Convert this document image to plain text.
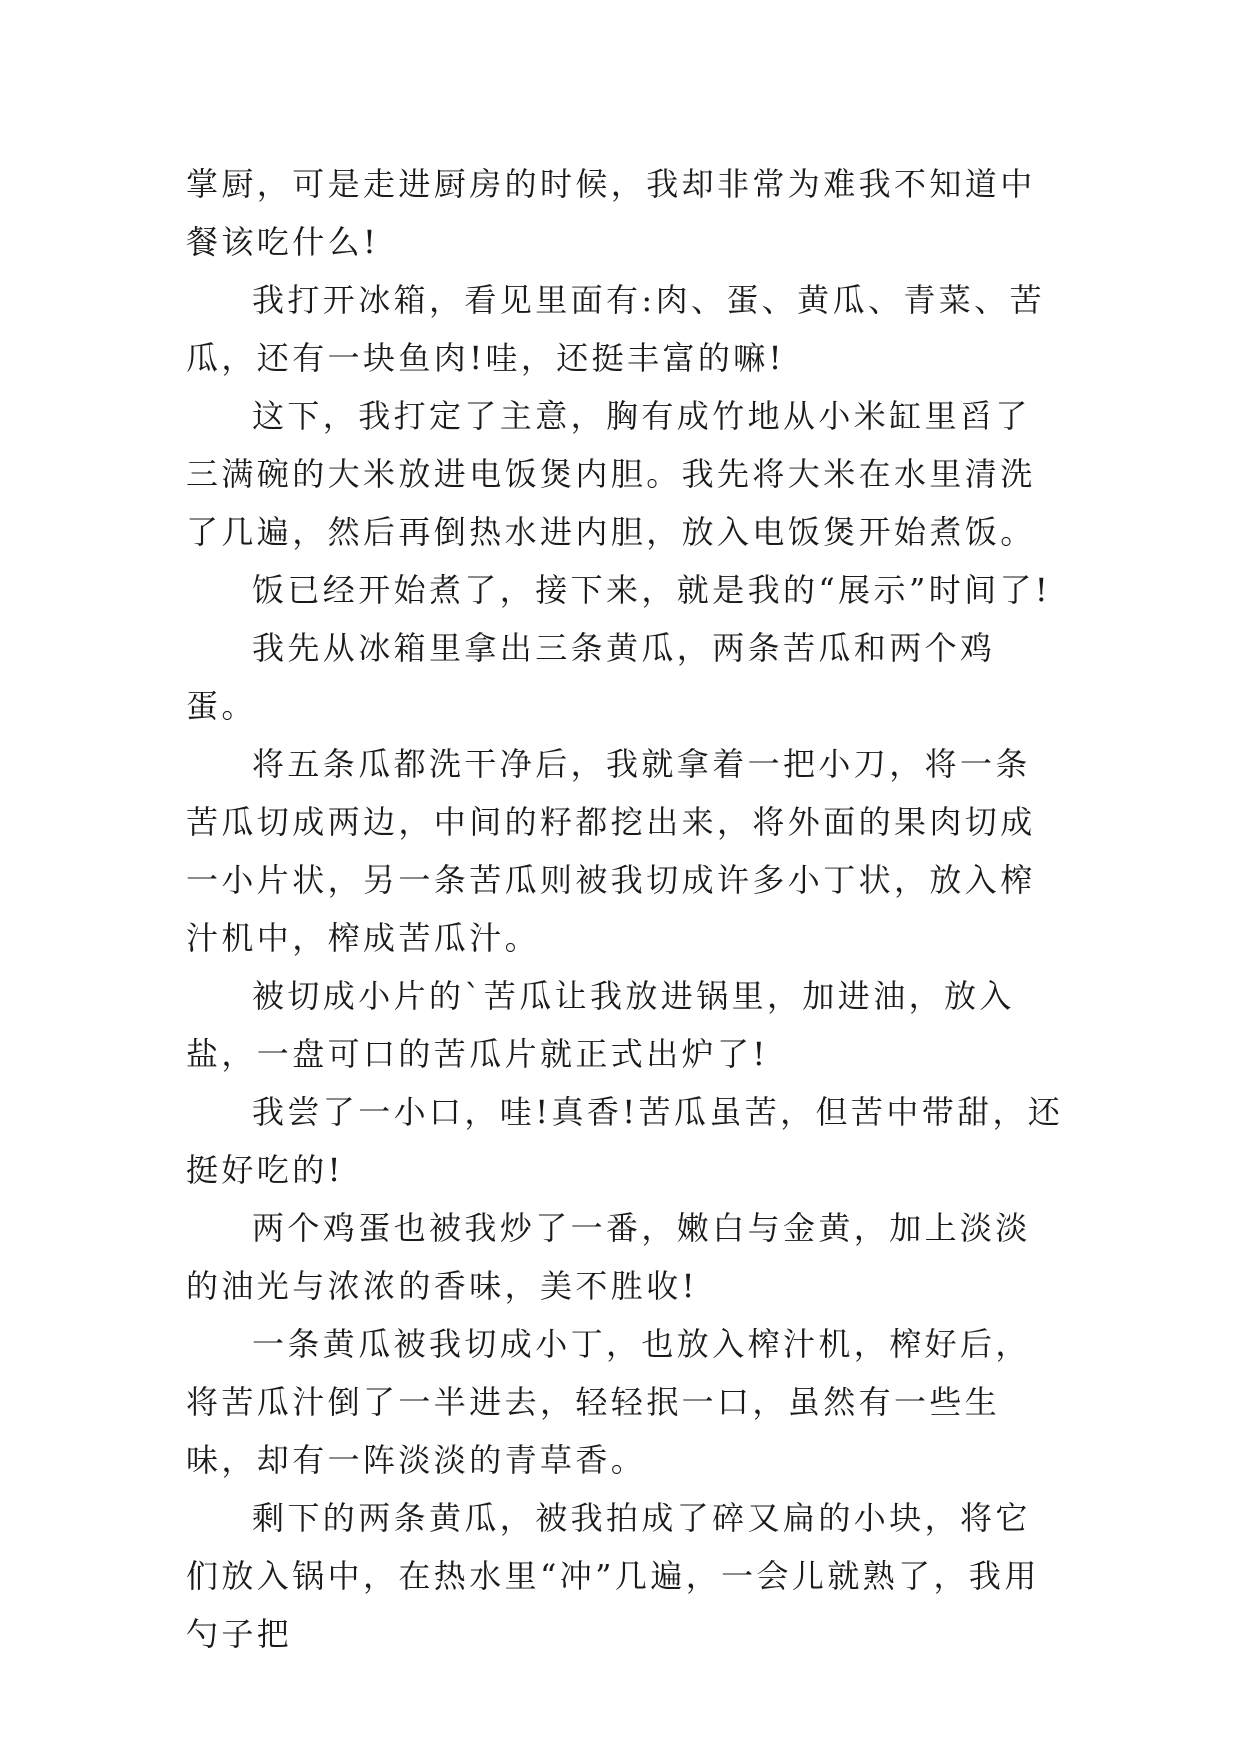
掌厨，可是走进厨房的时候，我却非常为难我不知道中餐该吃什么!

我打开冰箱，看见里面有:肉、蛋、黄瓜、青菜、苦瓜，还有一块鱼肉!哇，还挺丰富的嘛!

这下，我打定了主意，胸有成竹地从小米缸里舀了三满碗的大米放进电饭煲内胆。我先将大米在水里清洗了几遍，然后再倒热水进内胆，放入电饭煲开始煮饭。

饭已经开始煮了，接下来，就是我的“展示”时间了!

我先从冰箱里拿出三条黄瓜，两条苦瓜和两个鸡蛋。

将五条瓜都洗干净后，我就拿着一把小刀，将一条苦瓜切成两边，中间的籽都挖出来，将外面的果肉切成一小片状，另一条苦瓜则被我切成许多小丁状，放入榨汁机中，榨成苦瓜汁。

被切成小片的`苦瓜让我放进锅里，加进油，放入盐，一盘可口的苦瓜片就正式出炉了!

我尝了一小口，哇!真香!苦瓜虽苦，但苦中带甜，还挺好吃的!

两个鸡蛋也被我炒了一番，嫩白与金黄，加上淡淡的油光与浓浓的香味，美不胜收!

一条黄瓜被我切成小丁，也放入榨汁机，榨好后，将苦瓜汁倒了一半进去，轻轻抿一口，虽然有一些生味，却有一阵淡淡的青草香。

剩下的两条黄瓜，被我拍成了碎又扁的小块，将它们放入锅中，在热水里“冲”几遍，一会儿就熟了，我用勺子把
